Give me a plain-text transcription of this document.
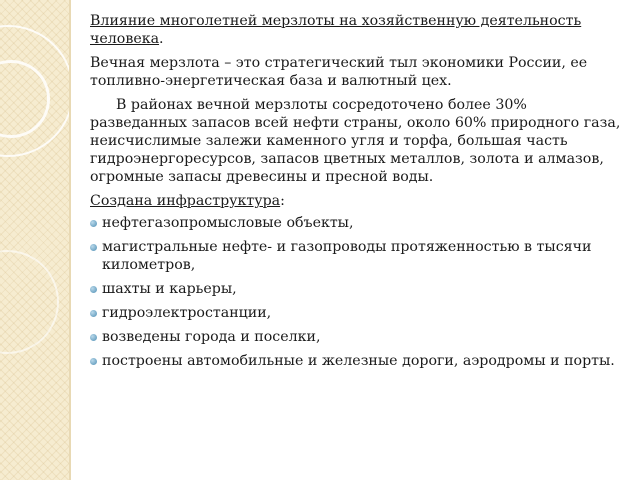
Влияние многолетней мерзлоты на хозяйственную деятельность человека.

Вечная мерзлота – это стратегический тыл экономики России, ее топливно-энергетическая база и валютный цех.

В районах вечной мерзлоты сосредоточено более 30% разведанных запасов всей нефти страны, около 60% природного газа, неисчислимые залежи каменного угля и торфа, большая часть гидроэнергоресурсов, запасов цветных металлов, золота и алмазов, огромные запасы древесины и пресной воды.

Создана инфраструктура:

нефтегазопромысловые объекты,
магистральные нефте- и газопроводы протяженностью в тысячи километров,
шахты и карьеры,
гидроэлектростанции,
возведены города и поселки,
построены автомобильные и железные дороги, аэродромы и порты.
